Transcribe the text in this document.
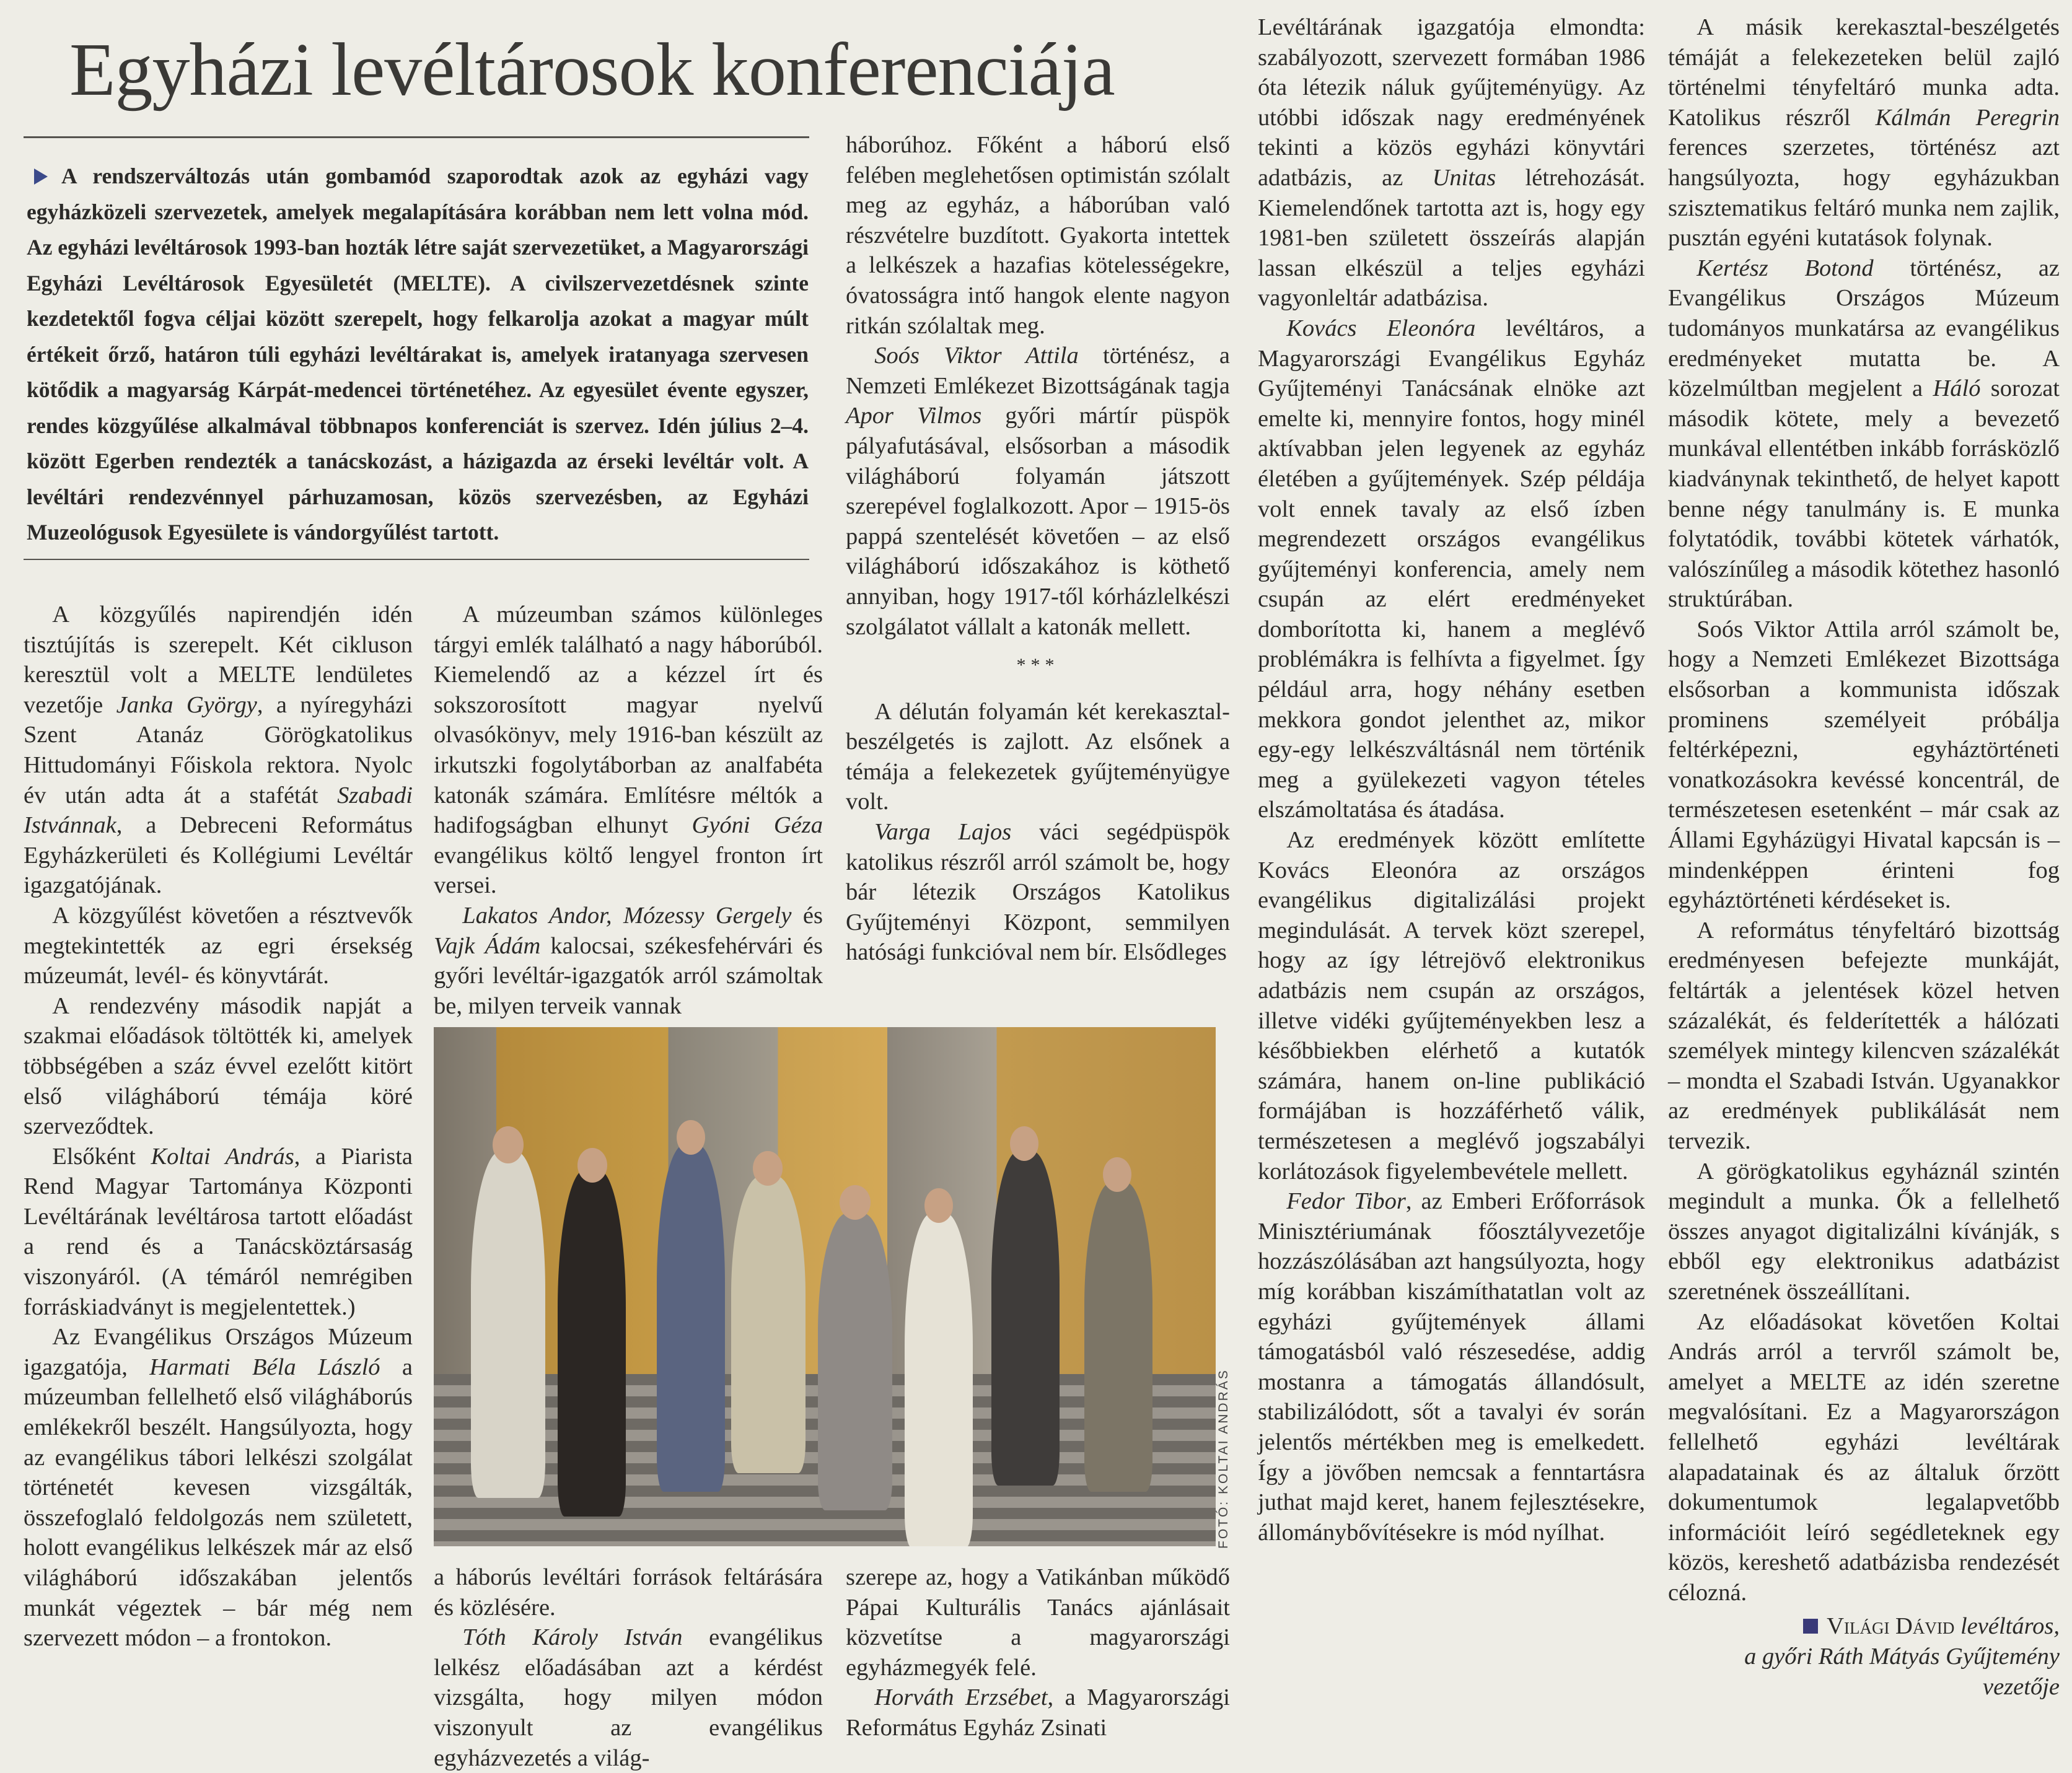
Egyházi levéltárosok konferenciája
A rendszerváltozás után gombamód szaporodtak azok az egyházi vagy egyházközeli szervezetek, amelyek megalapítására korábban nem lett volna mód. Az egyházi levéltárosok 1993-ban hozták létre saját szervezetüket, a Magyarországi Egyházi Levéltárosok Egyesületét (MELTE). A civilszervezetdésnek szinte kezdetektől fogva céljai között szerepelt, hogy felkarolja azokat a magyar múlt értékeit őrző, határon túli egyházi levéltárakat is, amelyek iratanyaga szervesen kötődik a magyarság Kárpát-medencei történetéhez. Az egyesület évente egyszer, rendes közgyűlése alkalmával többnapos konferenciát is szervez. Idén július 2–4. között Egerben rendezték a tanácskozást, a házigazda az érseki levéltár volt. A levéltári rendezvénnyel párhuzamosan, közös szervezésben, az Egyházi Muzeológusok Egyesülete is vándorgyűlést tartott.

A közgyűlés napirendjén idén tisztújítás is szerepelt. Két cikluson keresztül volt a MELTE lendületes vezetője Janka György, a nyíregyházi Szent Atanáz Görögkatolikus Hittudományi Főiskola rektora. Nyolc év után adta át a stafétát Szabadi Istvánnak, a Debreceni Református Egyházkerületi és Kollégiumi Levéltár igazgatójának.

A közgyűlést követően a résztvevők megtekintették az egri érsekség múzeumát, levél- és könyvtárát.

A rendezvény második napját a szakmai előadások töltötték ki, amelyek többségében a száz évvel ezelőtt kitört első világháború témája köré szerveződtek.

Elsőként Koltai András, a Piarista Rend Magyar Tartománya Központi Levéltárának levéltárosa tartott előadást a rend és a Tanácsköztársaság viszonyáról. (A témáról nemrégiben forráskiadványt is megjelentettek.)

Az Evangélikus Országos Múzeum igazgatója, Harmati Béla László a múzeumban fellelhető első világháborús emlékekről beszélt. Hangsúlyozta, hogy az evangélikus tábori lelkészi szolgálat történetét kevesen vizsgálták, összefoglaló feldolgozás nem született, holott evangélikus lelkészek már az első világháború időszakában jelentős munkát végeztek – bár még nem szervezett módon – a frontokon.

A múzeumban számos különleges tárgyi emlék található a nagy háborúból. Kiemelendő az a kézzel írt és sokszorosított magyar nyelvű olvasókönyv, mely 1916-ban készült az irkutszki fogolytáborban az analfabéta katonák számára. Említésre méltók a hadifogságban elhunyt Gyóni Géza evangélikus költő lengyel fronton írt versei.

Lakatos Andor, Mózessy Gergely és Vajk Ádám kalocsai, székesfehérvári és győri levéltár-igazgatók arról számoltak be, milyen terveik vannak

a háborús levéltári források feltárására és közlésére.

Tóth Károly István evangélikus lelkész előadásában azt a kérdést vizsgálta, hogy milyen módon viszonyult az evangélikus egyházvezetés a világ-

háborúhoz. Főként a háború első felében meglehetősen optimistán szólalt meg az egyház, a háborúban való részvételre buzdított. Gyakorta intettek a lelkészek a hazafias kötelességekre, óvatosságra intő hangok elente nagyon ritkán szólaltak meg.

Soós Viktor Attila történész, a Nemzeti Emlékezet Bizottságának tagja Apor Vilmos győri mártír püspök pályafutásával, elsősorban a második világháború folyamán játszott szerepével foglalkozott. Apor – 1915-ös pappá szentelését követően – az első világháború időszakához is köthető annyiban, hogy 1917-től kórházlelkészi szolgálatot vállalt a katonák mellett.

***

A délután folyamán két kerekasztal-beszélgetés is zajlott. Az elsőnek a témája a felekezetek gyűjteményügye volt.

Varga Lajos váci segédpüspök katolikus részről arról számolt be, hogy bár létezik Országos Katolikus Gyűjteményi Központ, semmilyen hatósági funkcióval nem bír. Elsődleges

szerepe az, hogy a Vatikánban működő Pápai Kulturális Tanács ajánlásait közvetítse a magyarországi egyházmegyék felé.

Horváth Erzsébet, a Magyarországi Református Egyház Zsinati

Levéltárának igazgatója elmondta: szabályozott, szervezett formában 1986 óta létezik náluk gyűjteményügy. Az utóbbi időszak nagy eredményének tekinti a közös egyházi könyvtári adatbázis, az Unitas létrehozását. Kiemelendőnek tartotta azt is, hogy egy 1981-ben született összeírás alapján lassan elkészül a teljes egyházi vagyonleltár adatbázisa.

Kovács Eleonóra levéltáros, a Magyarországi Evangélikus Egyház Gyűjteményi Tanácsának elnöke azt emelte ki, mennyire fontos, hogy minél aktívabban jelen legyenek az egyház életében a gyűjtemények. Szép példája volt ennek tavaly az első ízben megrendezett országos evangélikus gyűjteményi konferencia, amely nem csupán az elért eredményeket domborította ki, hanem a meglévő problémákra is felhívta a figyelmet. Így például arra, hogy néhány esetben mekkora gondot jelenthet az, mikor egy-egy lelkészváltásnál nem történik meg a gyülekezeti vagyon tételes elszámoltatása és átadása.

Az eredmények között említette Kovács Eleonóra az országos evangélikus digitalizálási projekt megindulását. A tervek közt szerepel, hogy az így létrejövő elektronikus adatbázis nem csupán az országos, illetve vidéki gyűjteményekben lesz a későbbiekben elérhető a kutatók számára, hanem on-line publikáció formájában is hozzáférhető válik, természetesen a meglévő jogszabályi korlátozások figyelembevétele mellett.

Fedor Tibor, az Emberi Erőforrások Minisztériumának főosztályvezetője hozzászólásában azt hangsúlyozta, hogy míg korábban kiszámíthatatlan volt az egyházi gyűjtemények állami támogatásból való részesedése, addig mostanra a támogatás állandósult, stabilizálódott, sőt a tavalyi év során jelentős mértékben meg is emelkedett. Így a jövőben nemcsak a fenntartásra juthat majd keret, hanem fejlesztésekre, állománybővítésekre is mód nyílhat.

A másik kerekasztal-beszélgetés témáját a felekezeteken belül zajló történelmi tényfeltáró munka adta. Katolikus részről Kálmán Peregrin ferences szerzetes, történész azt hangsúlyozta, hogy egyházukban szisztematikus feltáró munka nem zajlik, pusztán egyéni kutatások folynak.

Kertész Botond történész, az Evangélikus Országos Múzeum tudományos munkatársa az evangélikus eredményeket mutatta be. A közelmúltban megjelent a Háló sorozat második kötete, mely a bevezető munkával ellentétben inkább forrásközlő kiadványnak tekinthető, de helyet kapott benne négy tanulmány is. E munka folytatódik, további kötetek várhatók, valószínűleg a második kötethez hasonló struktúrában.

Soós Viktor Attila arról számolt be, hogy a Nemzeti Emlékezet Bizottsága elsősorban a kommunista időszak prominens személyeit próbálja feltérképezni, egyháztörténeti vonatkozásokra kevéssé koncentrál, de természetesen esetenként – már csak az Állami Egyházügyi Hivatal kapcsán is – mindenképpen érinteni fog egyháztörténeti kérdéseket is.

A református tényfeltáró bizottság eredményesen befejezte munkáját, feltárták a jelentések közel hetven százalékát, és felderítették a hálózati személyek mintegy kilencven százalékát – mondta el Szabadi István. Ugyanakkor az eredmények publikálását nem tervezik.

A görögkatolikus egyháznál szintén megindult a munka. Ők a fellelhető összes anyagot digitalizálni kívánják, s ebből egy elektronikus adatbázist szeretnének összeállítani.

Az előadásokat követően Koltai András arról a tervről számolt be, amelyet a MELTE az idén szeretne megvalósítani. Ez a Magyarországon fellelhető egyházi levéltárak alapadatainak és az általuk őrzött dokumentumok legalapvetőbb információit leíró segédleteknek egy közös, kereshető adatbázisba rendezését célozná.

Világi Dávid levéltáros,
a győri Ráth Mátyás Gyűjtemény vezetője
FOTÓ: KOLTAI ANDRÁS
